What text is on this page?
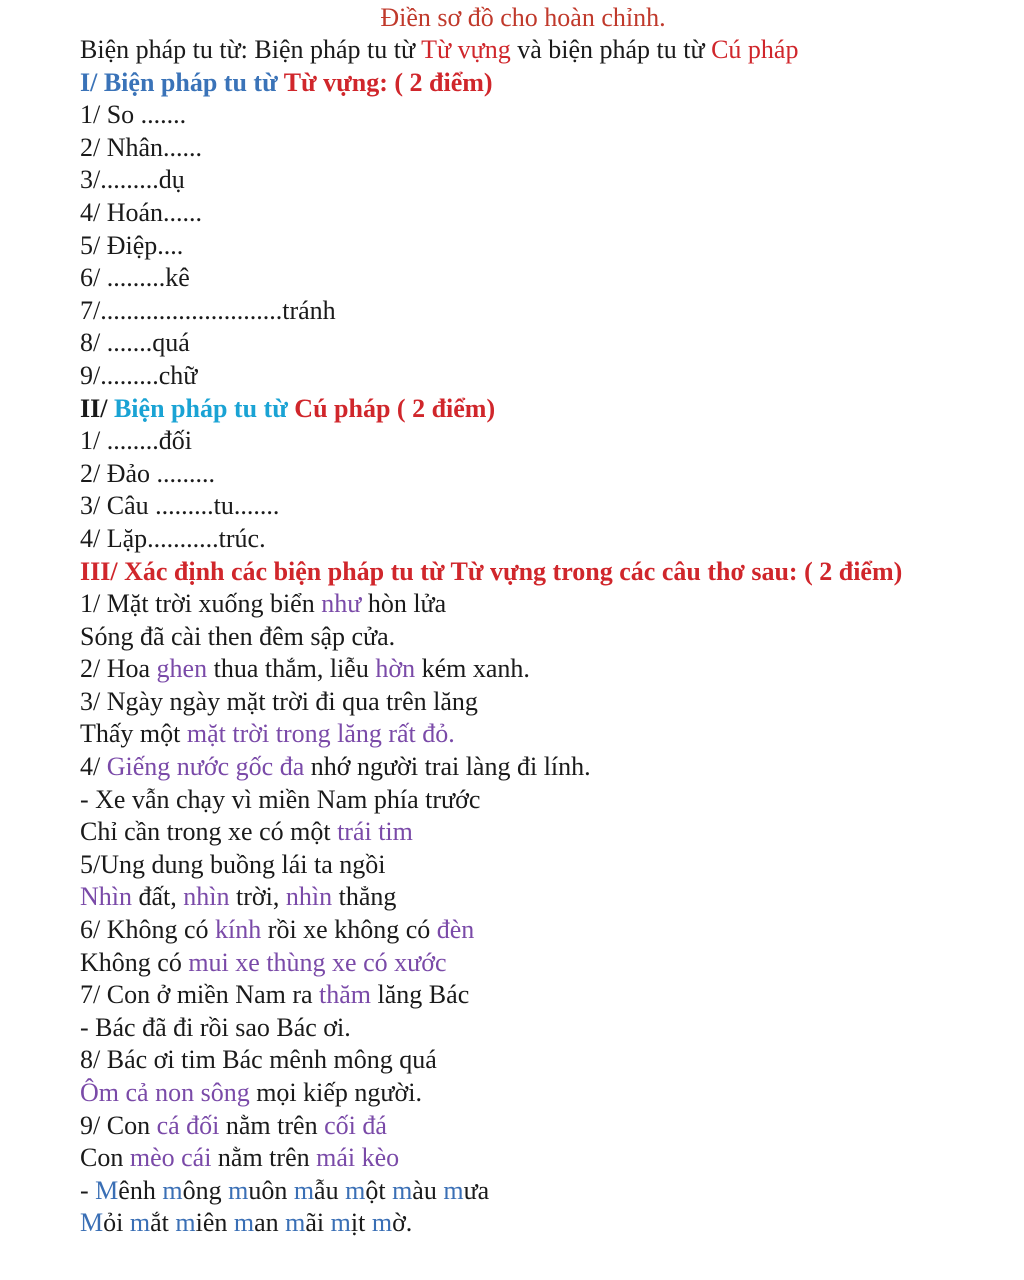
Điền sơ đồ cho hoàn chỉnh.
Biện pháp tu từ: Biện pháp tu từ Từ vựng và biện pháp tu từ Cú pháp
I/ Biện pháp tu từ Từ vựng: ( 2 điểm)
1/ So .......
2/ Nhân......
3/.........dụ
4/ Hoán......
5/ Điệp....
6/ .........kê
7/............................tránh
8/ .......quá
9/.........chữ
II/ Biện pháp tu từ Cú pháp ( 2 điểm)
1/ ........đối
2/ Đảo .........
3/ Câu .........tu.......
4/ Lặp...........trúc.
III/ Xác định các biện pháp tu từ Từ vựng trong các câu thơ sau: ( 2 điểm)
1/ Mặt trời xuống biển như hòn lửa
Sóng đã cài then đêm sập cửa.
2/ Hoa ghen thua thắm, liễu hờn kém xanh.
3/ Ngày ngày mặt trời đi qua trên lăng
Thấy một mặt trời trong lăng rất đỏ.
4/ Giếng nước gốc đa nhớ người trai làng đi lính.
- Xe vẫn chạy vì miền Nam phía trước
Chỉ cần trong xe có một trái tim
5/Ung dung buồng lái ta ngồi
Nhìn đất, nhìn trời, nhìn thẳng
6/ Không có kính rồi xe không có đèn
Không có mui xe thùng xe có xước
7/ Con ở miền Nam ra thăm lăng Bác
- Bác đã đi rồi sao Bác ơi.
8/ Bác ơi tim Bác mênh mông quá
Ôm cả non sông mọi kiếp người.
9/ Con cá đối nằm trên cối đá
Con mèo cái nằm trên mái kèo
- Mênh mông muôn mẫu một màu mưa
Mỏi mắt miên man mãi mịt mờ.
